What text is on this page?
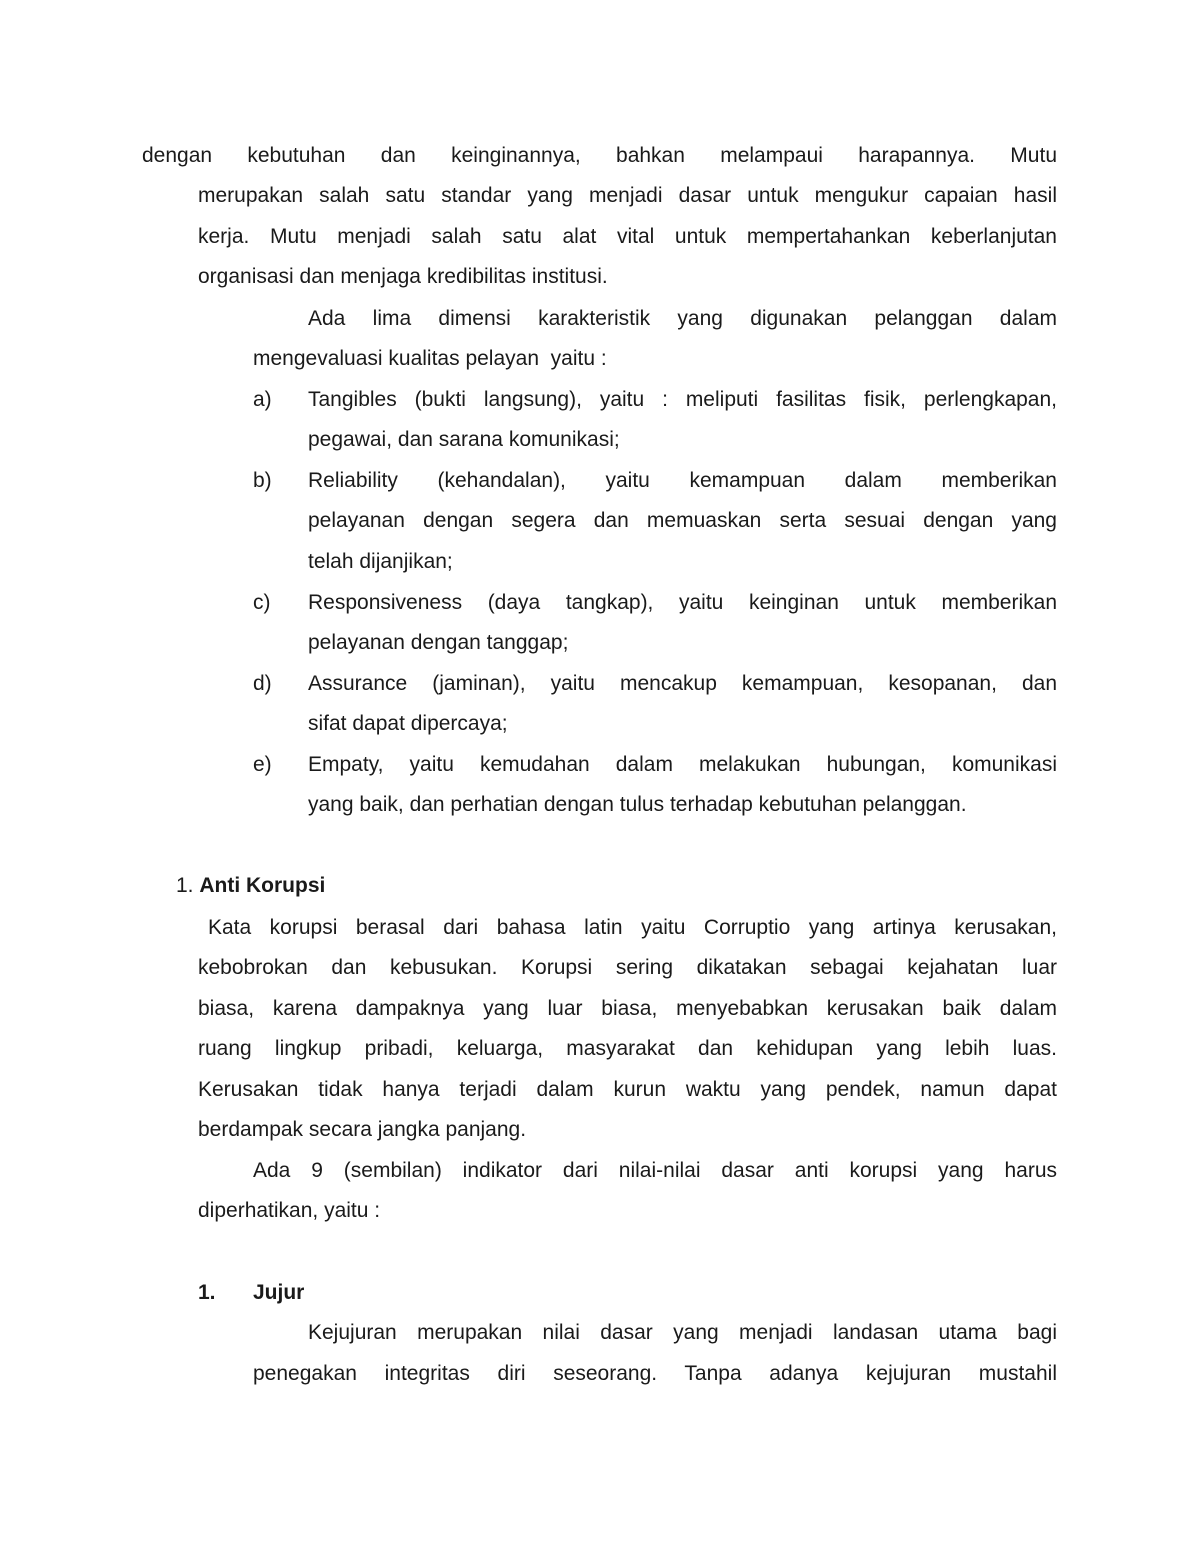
dengan kebutuhan dan keinginannya, bahkan melampaui harapannya. Mutu
merupakan salah satu standar yang menjadi dasar untuk mengukur capaian hasil
kerja. Mutu menjadi salah satu alat vital untuk mempertahankan keberlanjutan
organisasi dan menjaga kredibilitas institusi.
Ada lima dimensi karakteristik yang digunakan pelanggan dalam
mengevaluasi kualitas pelayan  yaitu :
a) Tangibles (bukti langsung), yaitu : meliputi fasilitas fisik, perlengkapan,
pegawai, dan sarana komunikasi;
b) Reliability (kehandalan), yaitu kemampuan dalam memberikan
pelayanan dengan segera dan memuaskan serta sesuai dengan yang
telah dijanjikan;
c) Responsiveness (daya tangkap), yaitu keinginan untuk memberikan
pelayanan dengan tanggap;
d) Assurance (jaminan), yaitu mencakup kemampuan, kesopanan, dan
sifat dapat dipercaya;
e) Empaty, yaitu kemudahan dalam melakukan hubungan, komunikasi
yang baik, dan perhatian dengan tulus terhadap kebutuhan pelanggan.
1. Anti Korupsi
Kata korupsi berasal dari bahasa latin yaitu Corruptio yang artinya kerusakan,
kebobrokan dan kebusukan. Korupsi sering dikatakan sebagai kejahatan luar
biasa, karena dampaknya yang luar biasa, menyebabkan kerusakan baik dalam
ruang lingkup pribadi, keluarga, masyarakat dan kehidupan yang lebih luas.
Kerusakan tidak hanya terjadi dalam kurun waktu yang pendek, namun dapat
berdampak secara jangka panjang.
Ada 9 (sembilan) indikator dari nilai-nilai dasar anti korupsi yang harus
diperhatikan, yaitu :
1. Jujur
Kejujuran merupakan nilai dasar yang menjadi landasan utama bagi
penegakan integritas diri seseorang. Tanpa adanya kejujuran mustahil
